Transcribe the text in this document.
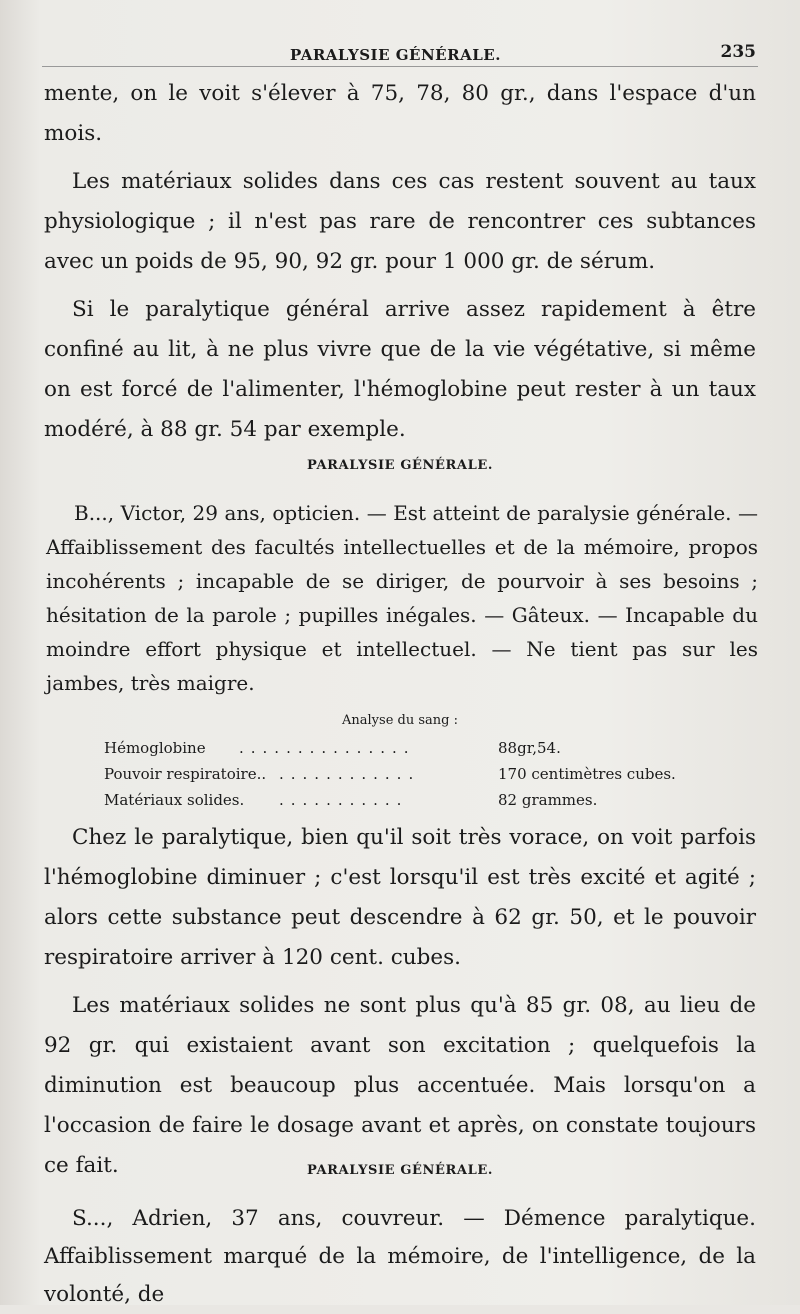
PARALYSIE GÉNÉRALE.	235

mente, on le voit s'élever à 75, 78, 80 gr., dans l'espace d'un mois.

Les matériaux solides dans ces cas restent souvent au taux physiologique ; il n'est pas rare de rencontrer ces subtances avec un poids de 95, 90, 92 gr. pour 1 000 gr. de sérum.

Si le paralytique général arrive assez rapidement à être confiné au lit, à ne plus vivre que de la vie végétative, si même on est forcé de l'alimenter, l'hémoglobine peut rester à un taux modéré, à 88 gr. 54 par exemple.

PARALYSIE GÉNÉRALE.

B..., Victor, 29 ans, opticien. — Est atteint de paralysie générale. — Affaiblissement des facultés intellectuelles et de la mémoire, propos incohérents ; incapable de se diriger, de pourvoir à ses besoins ; hésitation de la parole ; pupilles inégales. — Gâteux. — Incapable du moindre effort physique et intellectuel. — Ne tient pas sur les jambes, très maigre.

Analyse du sang :
Hémoglobine ...............	88gr,54.
Pouvoir respiratoire.. ............	170 centimètres cubes.
Matériaux solides. ...........	82 grammes.

Chez le paralytique, bien qu'il soit très vorace, on voit parfois l'hémoglobine diminuer ; c'est lorsqu'il est très excité et agité ; alors cette substance peut descendre à 62 gr. 50, et le pouvoir respiratoire arriver à 120 cent. cubes.

Les matériaux solides ne sont plus qu'à 85 gr. 08, au lieu de 92 gr. qui existaient avant son excitation ; quelquefois la diminution est beaucoup plus accentuée. Mais lorsqu'on a l'occasion de faire le dosage avant et après, on constate toujours ce fait.	PARALYSIE GÉNÉRALE.

S..., Adrien, 37 ans, couvreur. — Démence paralytique. Affaiblissement marqué de la mémoire, de l'intelligence, de la volonté, de
